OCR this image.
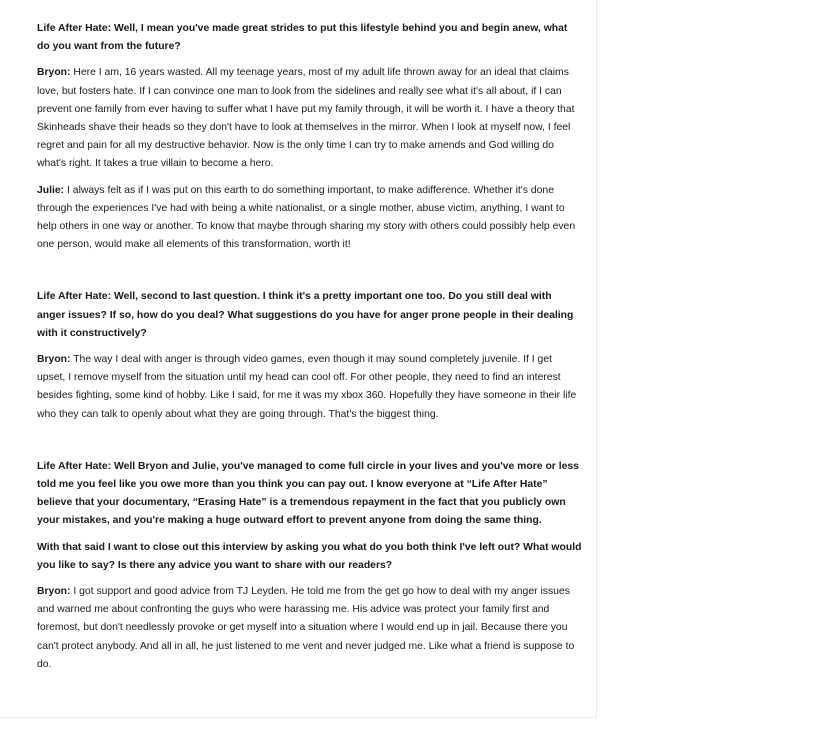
Life After Hate: Well, I mean you've made great strides to put this lifestyle behind you and begin anew, what do you want from the future?

Bryon: Here I am, 16 years wasted. All my teenage years, most of my adult life thrown away for an ideal that claims love, but fosters hate. If I can convince one man to look from the sidelines and really see what it's all about, if I can prevent one family from ever having to suffer what I have put my family through, it will be worth it. I have a theory that Skinheads shave their heads so they don't have to look at themselves in the mirror. When I look at myself now, I feel regret and pain for all my destructive behavior. Now is the only time I can try to make amends and God willing do what's right. It takes a true villain to become a hero.

Julie: I always felt as if I was put on this earth to do something important, to make adifference. Whether it's done through the experiences I've had with being a white nationalist, or a single mother, abuse victim, anything, I want to help others in one way or another. To know that maybe through sharing my story with others could possibly help even one person, would make all elements of this transformation, worth it!

Life After Hate: Well, second to last question. I think it's a pretty important one too. Do you still deal with anger issues? If so, how do you deal? What suggestions do you have for anger prone people in their dealing with it constructively?

Bryon: The way I deal with anger is through video games, even though it may sound completely juvenile. If I get upset, I remove myself from the situation until my head can cool off. For other people, they need to find an interest besides fighting, some kind of hobby. Like I said, for me it was my xbox 360. Hopefully they have someone in their life who they can talk to openly about what they are going through. That's the biggest thing.

Life After Hate: Well Bryon and Julie, you've managed to come full circle in your lives and you've more or less told me you feel like you owe more than you think you can pay out. I know everyone at “Life After Hate” believe that your documentary, “Erasing Hate” is a tremendous repayment in the fact that you publicly own your mistakes, and you're making a huge outward effort to prevent anyone from doing the same thing.

With that said I want to close out this interview by asking you what do you both think I've left out? What would you like to say? Is there any advice you want to share with our readers?

Bryon: I got support and good advice from TJ Leyden. He told me from the get go how to deal with my anger issues and warned me about confronting the guys who were harassing me. His advice was protect your family first and foremost, but don't needlessly provoke or get myself into a situation where I would end up in jail. Because there you can't protect anybody. And all in all, he just listened to me vent and never judged me. Like what a friend is suppose to do.
